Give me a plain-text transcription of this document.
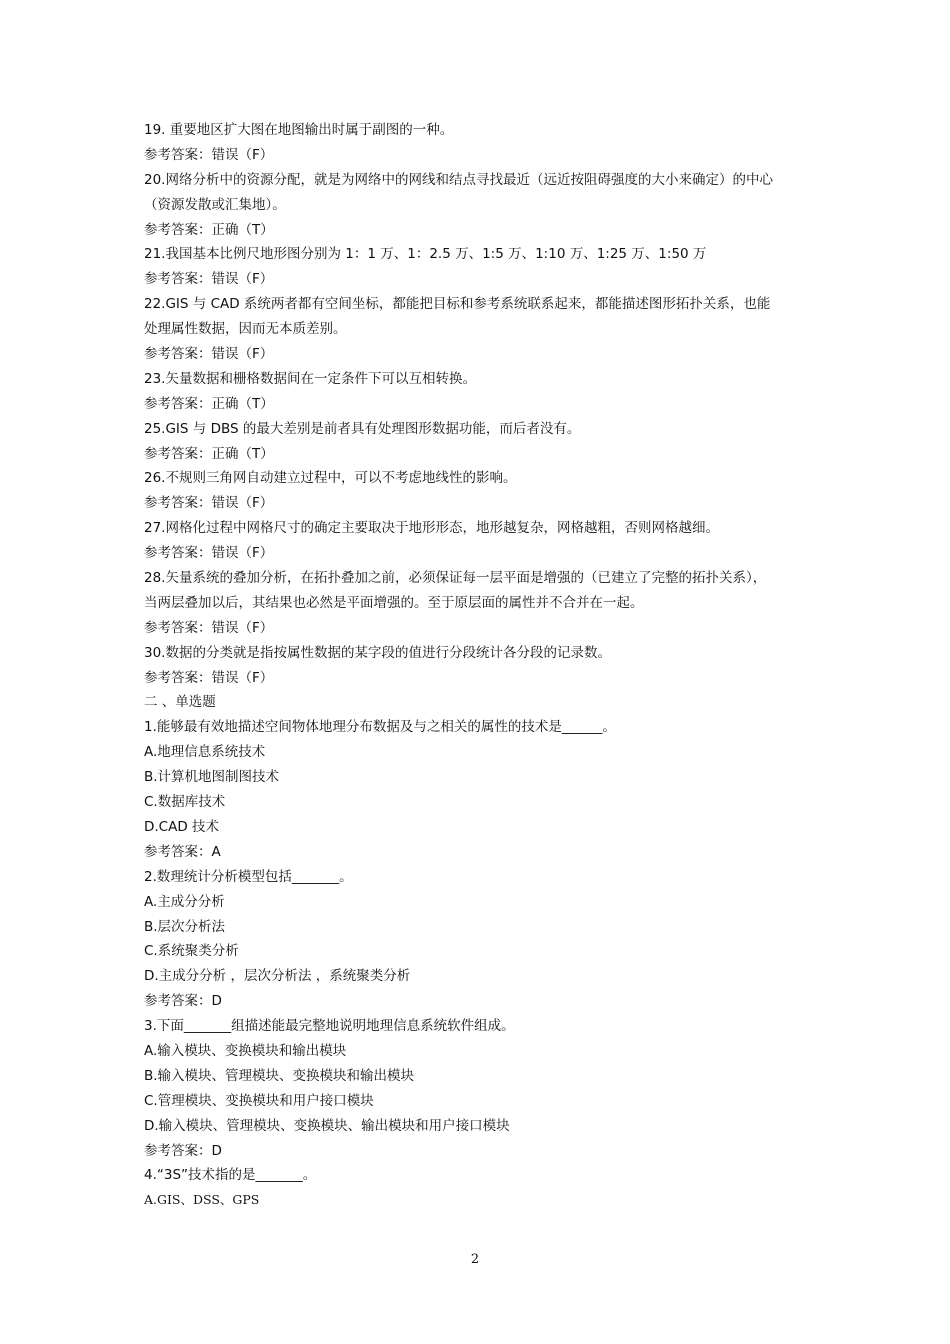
19. 重要地区扩大图在地图输出时属于副图的一种。
参考答案：错误（F）
20.网络分析中的资源分配，就是为网络中的网线和结点寻找最近（远近按阻碍强度的大小来确定）的中心
（资源发散或汇集地）。
参考答案：正确（T）
21.我国基本比例尺地形图分别为 1：1 万、1：2.5 万、1:5 万、1:10 万、1:25 万、1:50 万
参考答案：错误（F）
22.GIS 与 CAD 系统两者都有空间坐标，都能把目标和参考系统联系起来，都能描述图形拓扑关系，也能
处理属性数据，因而无本质差别。
参考答案：错误（F）
23.矢量数据和栅格数据间在一定条件下可以互相转换。
参考答案：正确（T）
25.GIS 与 DBS 的最大差别是前者具有处理图形数据功能，而后者没有。
参考答案：正确（T）
26.不规则三角网自动建立过程中，可以不考虑地线性的影响。
参考答案：错误（F）
27.网格化过程中网格尺寸的确定主要取决于地形形态，地形越复杂，网格越粗，否则网格越细。
参考答案：错误（F）
28.矢量系统的叠加分析，在拓扑叠加之前，必须保证每一层平面是增强的（已建立了完整的拓扑关系），
当两层叠加以后，其结果也必然是平面增强的。至于原层面的属性并不合并在一起。
参考答案：错误（F）
30.数据的分类就是指按属性数据的某字段的值进行分段统计各分段的记录数。
参考答案：错误（F）
二 、单选题
1.能够最有效地描述空间物体地理分布数据及与之相关的属性的技术是______。
A.地理信息系统技术
B.计算机地图制图技术
C.数据库技术
D.CAD 技术
参考答案：A
2.数理统计分析模型包括_______。
A.主成分分析
B.层次分析法
C.系统聚类分析
D.主成分分析 ，层次分析法 ，系统聚类分析
参考答案：D
3.下面_______组描述能最完整地说明地理信息系统软件组成。
A.输入模块、变换模块和输出模块
B.输入模块、管理模块、变换模块和输出模块
C.管理模块、变换模块和用户接口模块
D.输入模块、管理模块、变换模块、输出模块和用户接口模块
参考答案：D
4.“3S”技术指的是_______。
A.GIS、DSS、GPS
2
